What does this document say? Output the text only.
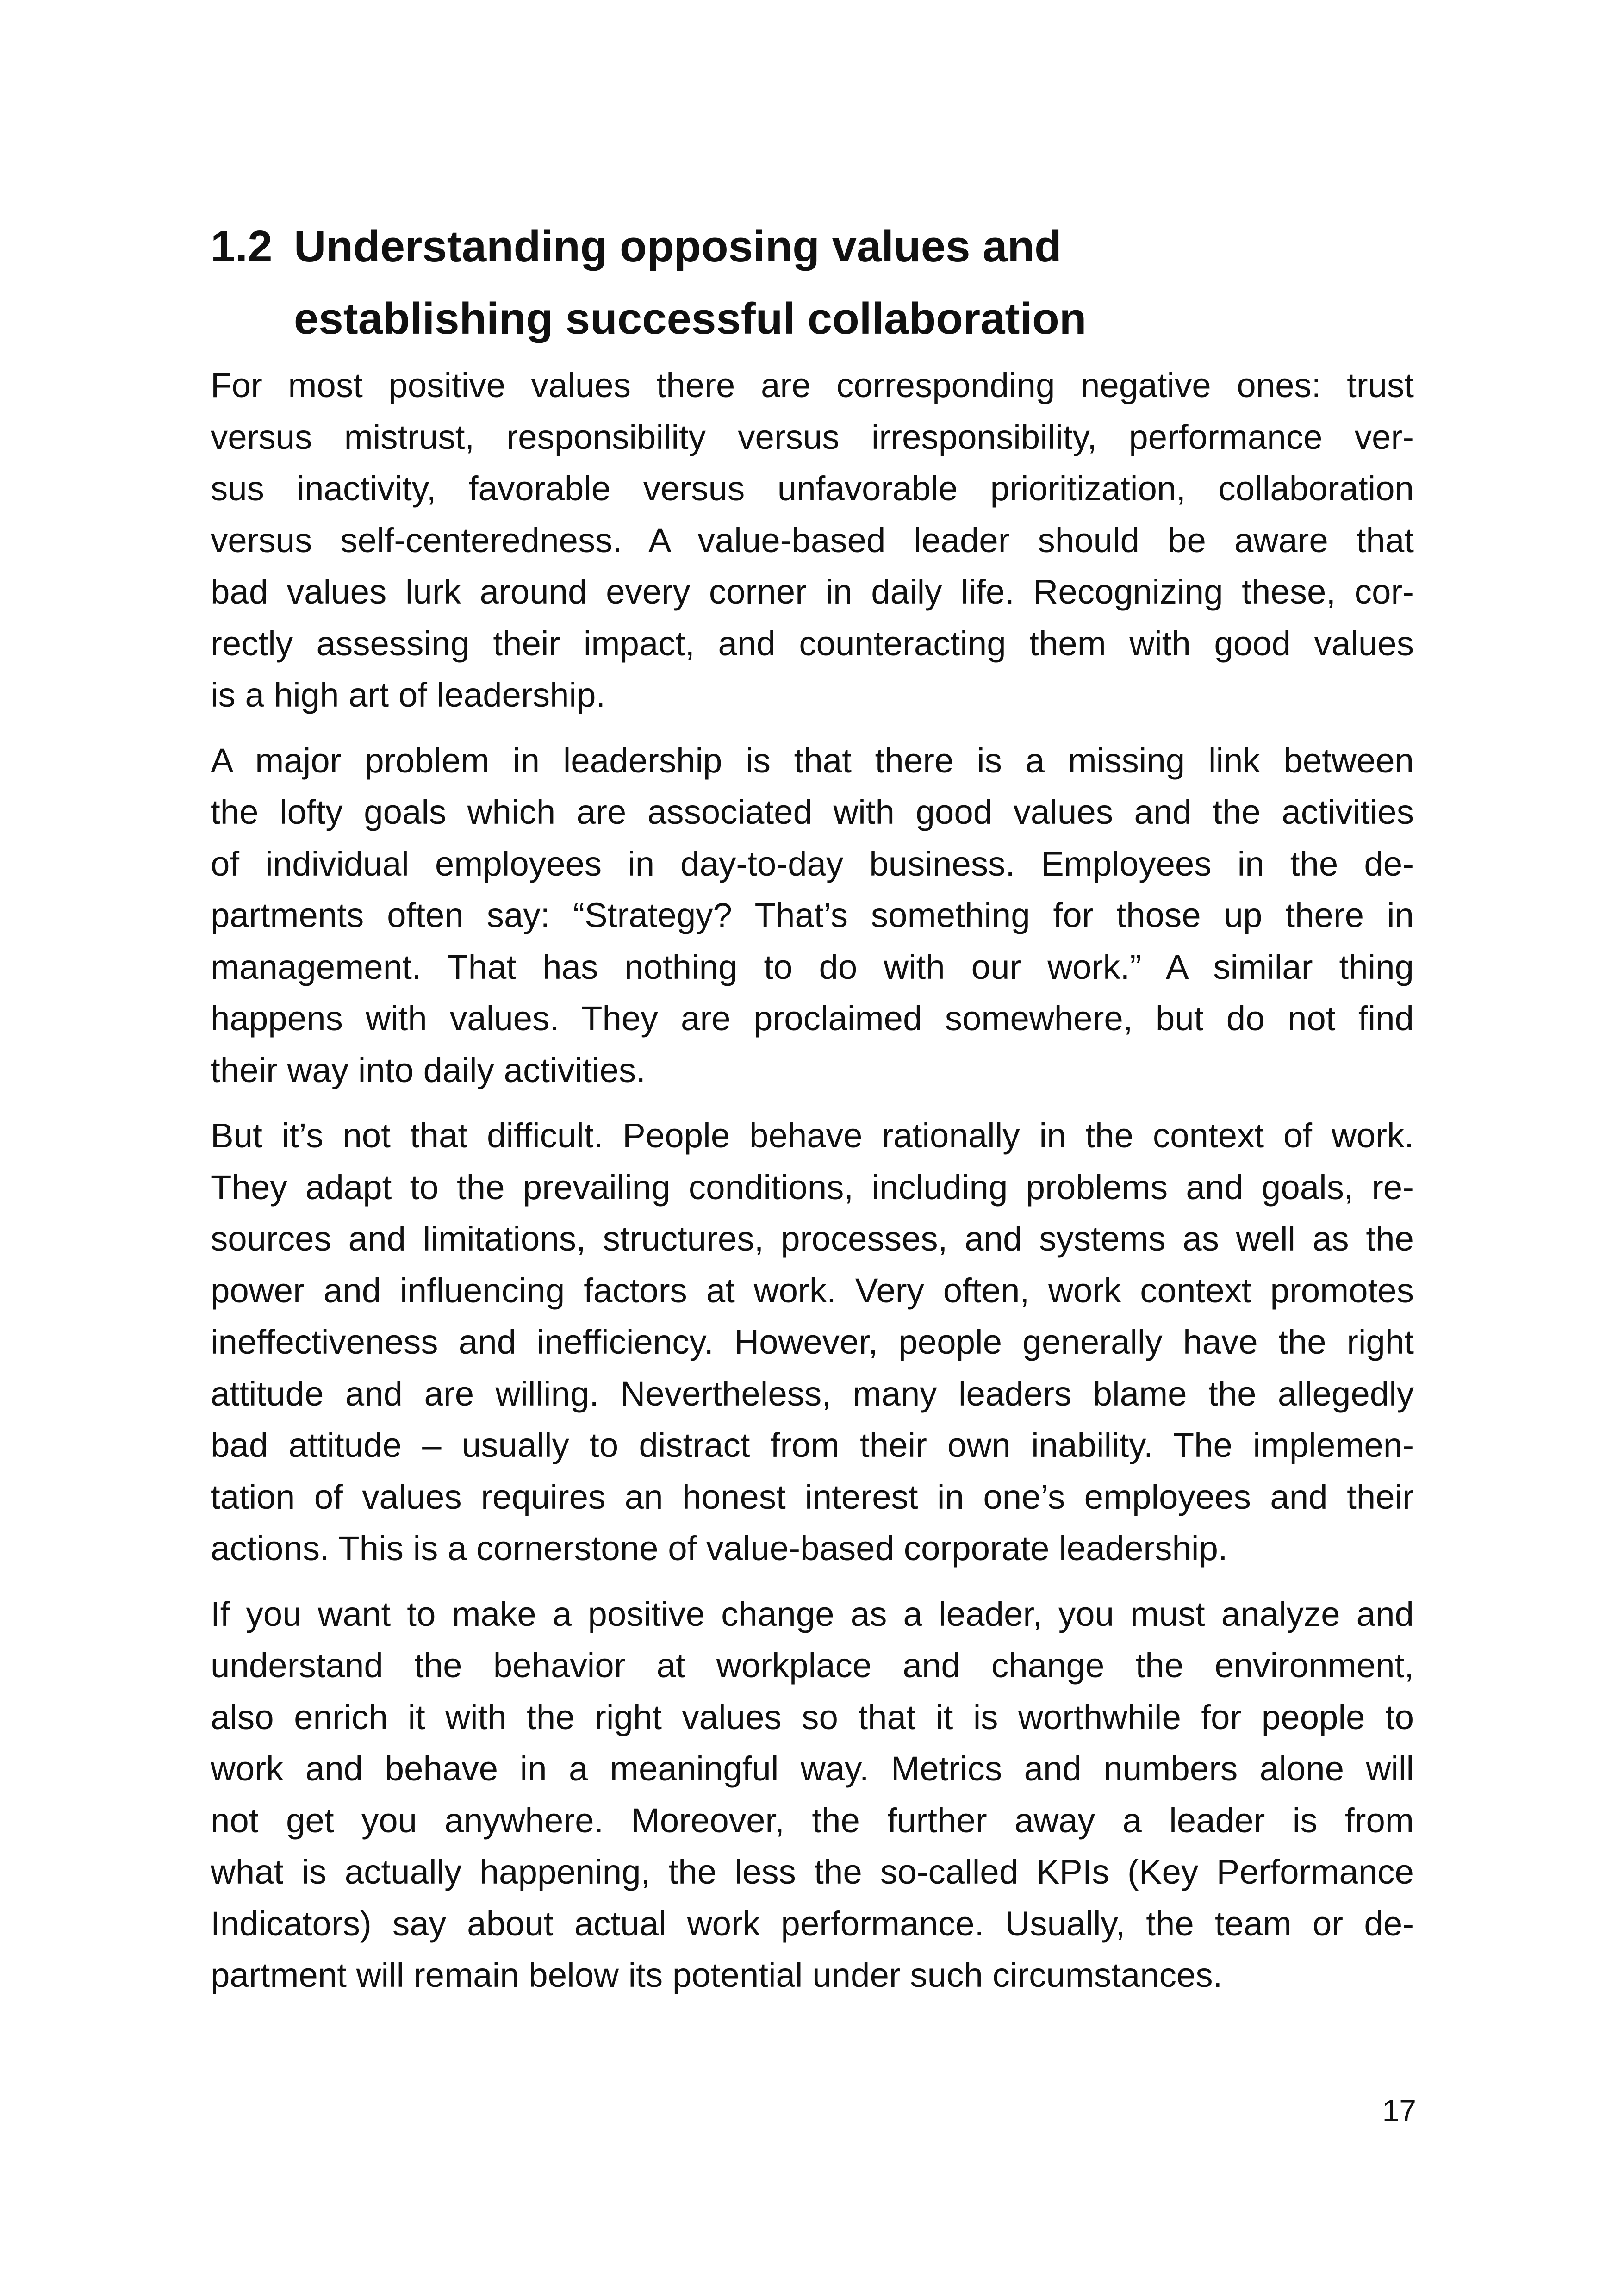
1.2 Understanding opposing values and
establishing successful collaboration

For most positive values there are corresponding negative ones: trust
versus mistrust, responsibility versus irresponsibility, performance ver-
sus inactivity, favorable versus unfavorable prioritization, collaboration
versus self-centeredness. A value-based leader should be aware that
bad values lurk around every corner in daily life. Recognizing these, cor-
rectly assessing their impact, and counteracting them with good values
is a high art of leadership.

A major problem in leadership is that there is a missing link between
the lofty goals which are associated with good values and the activities
of individual employees in day-to-day business. Employees in the de-
partments often say: “Strategy? That’s something for those up there in
management. That has nothing to do with our work.” A similar thing
happens with values. They are proclaimed somewhere, but do not find
their way into daily activities.

But it’s not that difficult. People behave rationally in the context of work.
They adapt to the prevailing conditions, including problems and goals, re-
sources and limitations, structures, processes, and systems as well as the
power and influencing factors at work. Very often, work context promotes
ineffectiveness and inefficiency. However, people generally have the right
attitude and are willing. Nevertheless, many leaders blame the allegedly
bad attitude – usually to distract from their own inability. The implemen-
tation of values requires an honest interest in one’s employees and their
actions. This is a cornerstone of value-based corporate leadership.

If you want to make a positive change as a leader, you must analyze and
understand the behavior at workplace and change the environment,
also enrich it with the right values so that it is worthwhile for people to
work and behave in a meaningful way. Metrics and numbers alone will
not get you anywhere. Moreover, the further away a leader is from
what is actually happening, the less the so-called KPIs (Key Performance
Indicators) say about actual work performance. Usually, the team or de-
partment will remain below its potential under such circumstances.

17
